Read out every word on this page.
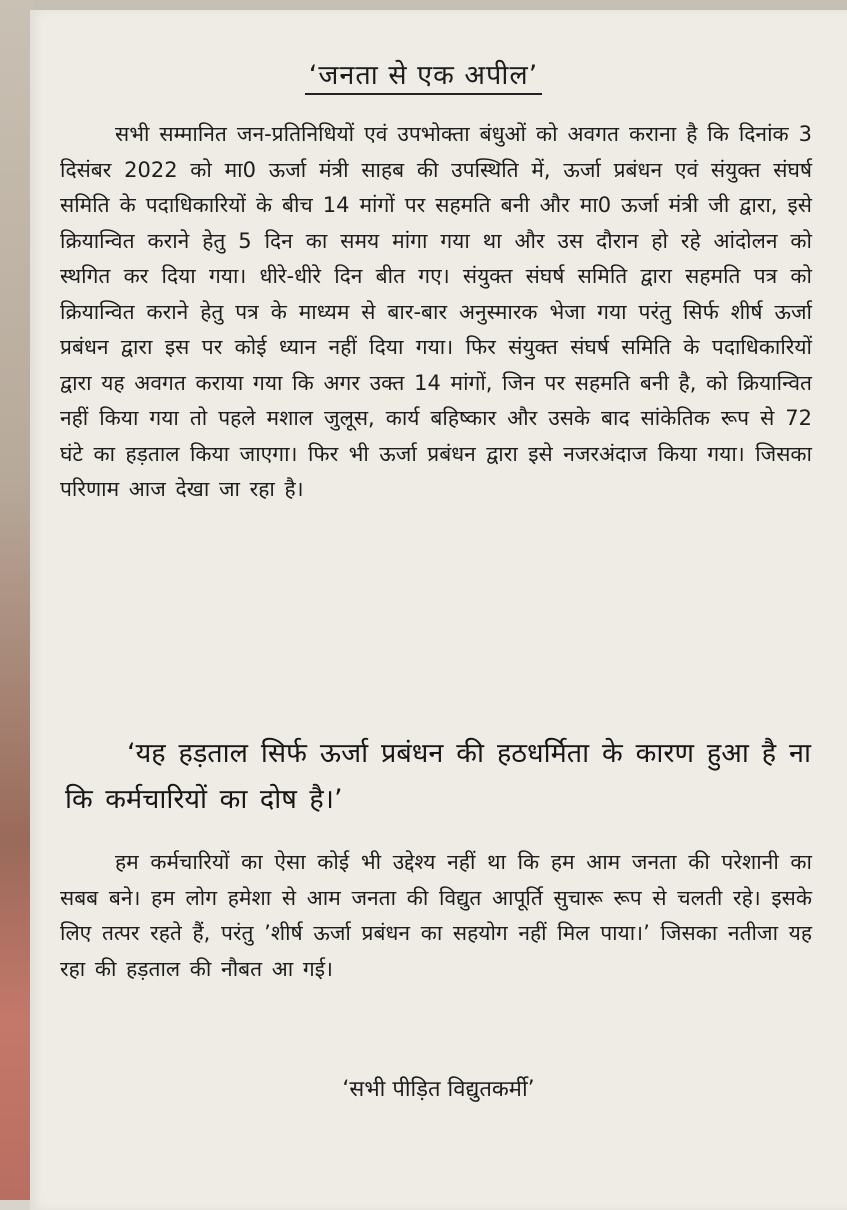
‘जनता से एक अपील’

सभी सम्मानित जन-प्रतिनिधियों एवं उपभोक्ता बंधुओं को अवगत कराना है कि दिनांक 3 दिसंबर 2022 को मा0 ऊर्जा मंत्री साहब की उपस्थिति में, ऊर्जा प्रबंधन एवं संयुक्त संघर्ष समिति के पदाधिकारियों के बीच 14 मांगों पर सहमति बनी और मा0 ऊर्जा मंत्री जी द्वारा, इसे क्रियान्वित कराने हेतु 5 दिन का समय मांगा गया था और उस दौरान हो रहे आंदोलन को स्थगित कर दिया गया। धीरे-धीरे दिन बीत गए। संयुक्त संघर्ष समिति द्वारा सहमति पत्र को क्रियान्वित कराने हेतु पत्र के माध्यम से बार-बार अनुस्मारक भेजा गया परंतु सिर्फ शीर्ष ऊर्जा प्रबंधन द्वारा इस पर कोई ध्यान नहीं दिया गया। फिर संयुक्त संघर्ष समिति के पदाधिकारियों द्वारा यह अवगत कराया गया कि अगर उक्त 14 मांगों, जिन पर सहमति बनी है, को क्रियान्वित नहीं किया गया तो पहले मशाल जुलूस, कार्य बहिष्कार और उसके बाद सांकेतिक रूप से 72 घंटे का हड़ताल किया जाएगा। फिर भी ऊर्जा प्रबंधन द्वारा इसे नजरअंदाज किया गया। जिसका परिणाम आज देखा जा रहा है।

‘यह हड़ताल सिर्फ ऊर्जा प्रबंधन की हठधर्मिता के कारण हुआ है ना कि कर्मचारियों का दोष है।’

हम कर्मचारियों का ऐसा कोई भी उद्देश्य नहीं था कि हम आम जनता की परेशानी का सबब बने। हम लोग हमेशा से आम जनता की विद्युत आपूर्ति सुचारू रूप से चलती रहे। इसके लिए तत्पर रहते हैं, परंतु ’शीर्ष ऊर्जा प्रबंधन का सहयोग नहीं मिल पाया।’ जिसका नतीजा यह रहा की हड़ताल की नौबत आ गई।

‘सभी पीड़ित विद्युतकर्मी’
